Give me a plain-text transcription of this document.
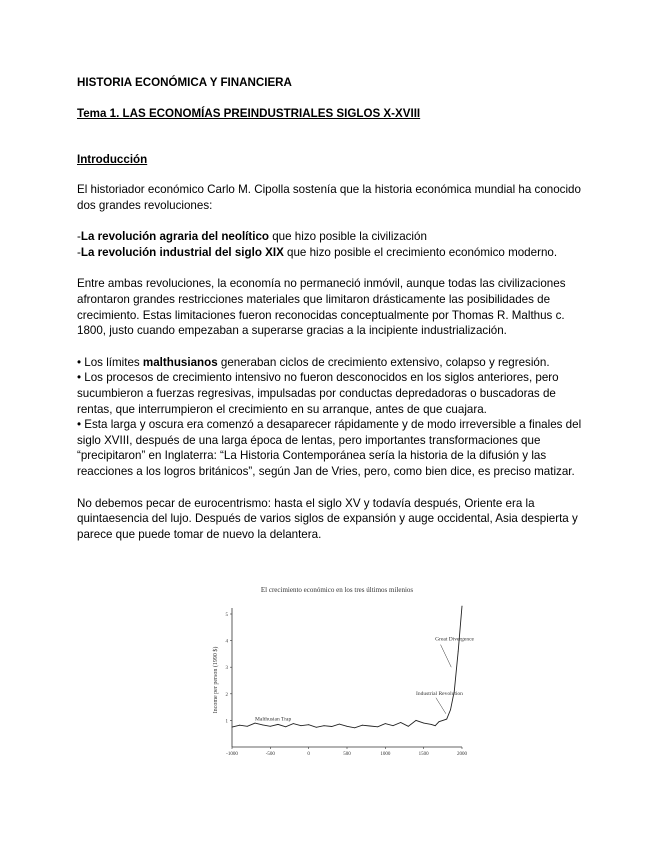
HISTORIA ECONÓMICA Y FINANCIERA
Tema 1. LAS ECONOMÍAS PREINDUSTRIALES SIGLOS X-XVIII
Introducción

El historiador económico Carlo M. Cipolla sostenía que la historia económica mundial ha conocido dos grandes revoluciones:

-La revolución agraria del neolítico que hizo posible la civilización
-La revolución industrial del siglo XIX que hizo posible el crecimiento económico moderno.

Entre ambas revoluciones, la economía no permaneció inmóvil, aunque todas las civilizaciones afrontaron grandes restricciones materiales que limitaron drásticamente las posibilidades de crecimiento. Estas limitaciones fueron reconocidas conceptualmente por Thomas R. Malthus c. 1800, justo cuando empezaban a superarse gracias a la incipiente industrialización.

• Los límites malthusianos generaban ciclos de crecimiento extensivo, colapso y regresión.
• Los procesos de crecimiento intensivo no fueron desconocidos en los siglos anteriores, pero sucumbieron a fuerzas regresivas, impulsadas por conductas depredadoras o buscadoras de rentas, que interrumpieron el crecimiento en su arranque, antes de que cuajara.
• Esta larga y oscura era comenzó a desaparecer rápidamente y de modo irreversible a finales del siglo XVIII, después de una larga época de lentas, pero importantes transformaciones que “precipitaron” en Inglaterra: “La Historia Contemporánea sería la historia de la difusión y las reacciones a los logros británicos”, según Jan de Vries, pero, como bien dice, es preciso matizar.

No debemos pecar de eurocentrismo: hasta el siglo XV y todavía después, Oriente era la quintaesencia del lujo. Después de varios siglos de expansión y auge occidental, Asia despierta y parece que puede tomar de nuevo la delantera.

El crecimiento económico en los tres últimos milenios
Income per person (1990 $)
1
2
3
4
5
-1000	-500	0	500	1000	1500	2000
Malthusian Trap
Industrial Revolution
Great Divergence
